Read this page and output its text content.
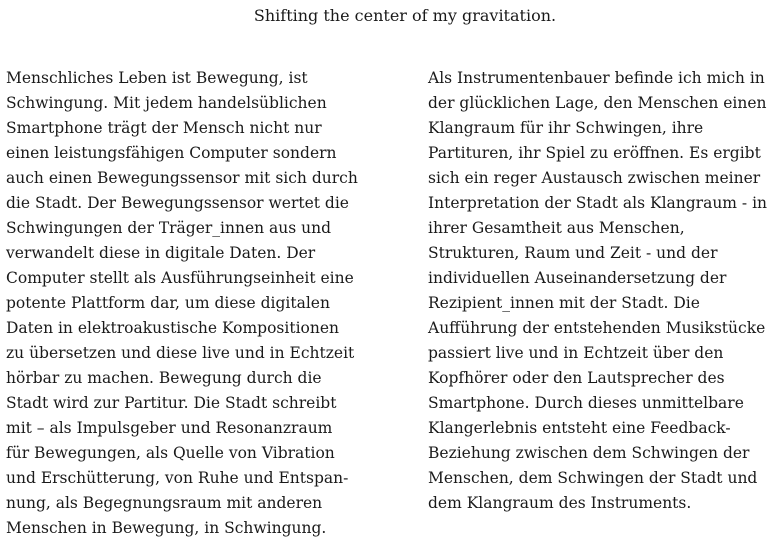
Shifting the center of my gravitation.
Menschliches Leben ist Bewegung, ist
Schwingung. Mit jedem handelsüblichen
Smartphone trägt der Mensch nicht nur
einen leistungsfähigen Computer sondern
auch einen Bewegungssensor mit sich durch
die Stadt. Der Bewegungssensor wertet die
Schwingungen der Träger_innen aus und
verwandelt diese in digitale Daten. Der
Computer stellt als Ausführungseinheit eine
potente Plattform dar, um diese digitalen
Daten in elektroakustische Kompositionen
zu übersetzen und diese live und in Echtzeit
hörbar zu machen. Bewegung durch die
Stadt wird zur Partitur. Die Stadt schreibt
mit – als Impulsgeber und Resonanzraum
für Bewegungen, als Quelle von Vibration
und Erschütterung, von Ruhe und Entspan-
nung, als Begegnungsraum mit anderen
Menschen in Bewegung, in Schwingung.
Als Instrumentenbauer befinde ich mich in
der glücklichen Lage, den Menschen einen
Klangraum für ihr Schwingen, ihre
Partituren, ihr Spiel zu eröffnen. Es ergibt
sich ein reger Austausch zwischen meiner
Interpretation der Stadt als Klangraum - in
ihrer Gesamtheit aus Menschen,
Strukturen, Raum und Zeit - und der
individuellen Auseinandersetzung der
Rezipient_innen mit der Stadt. Die
Aufführung der entstehenden Musikstücke
passiert live und in Echtzeit über den
Kopfhörer oder den Lautsprecher des
Smartphone. Durch dieses unmittelbare
Klangerlebnis entsteht eine Feedback-
Beziehung zwischen dem Schwingen der
Menschen, dem Schwingen der Stadt und
dem Klangraum des Instruments.
